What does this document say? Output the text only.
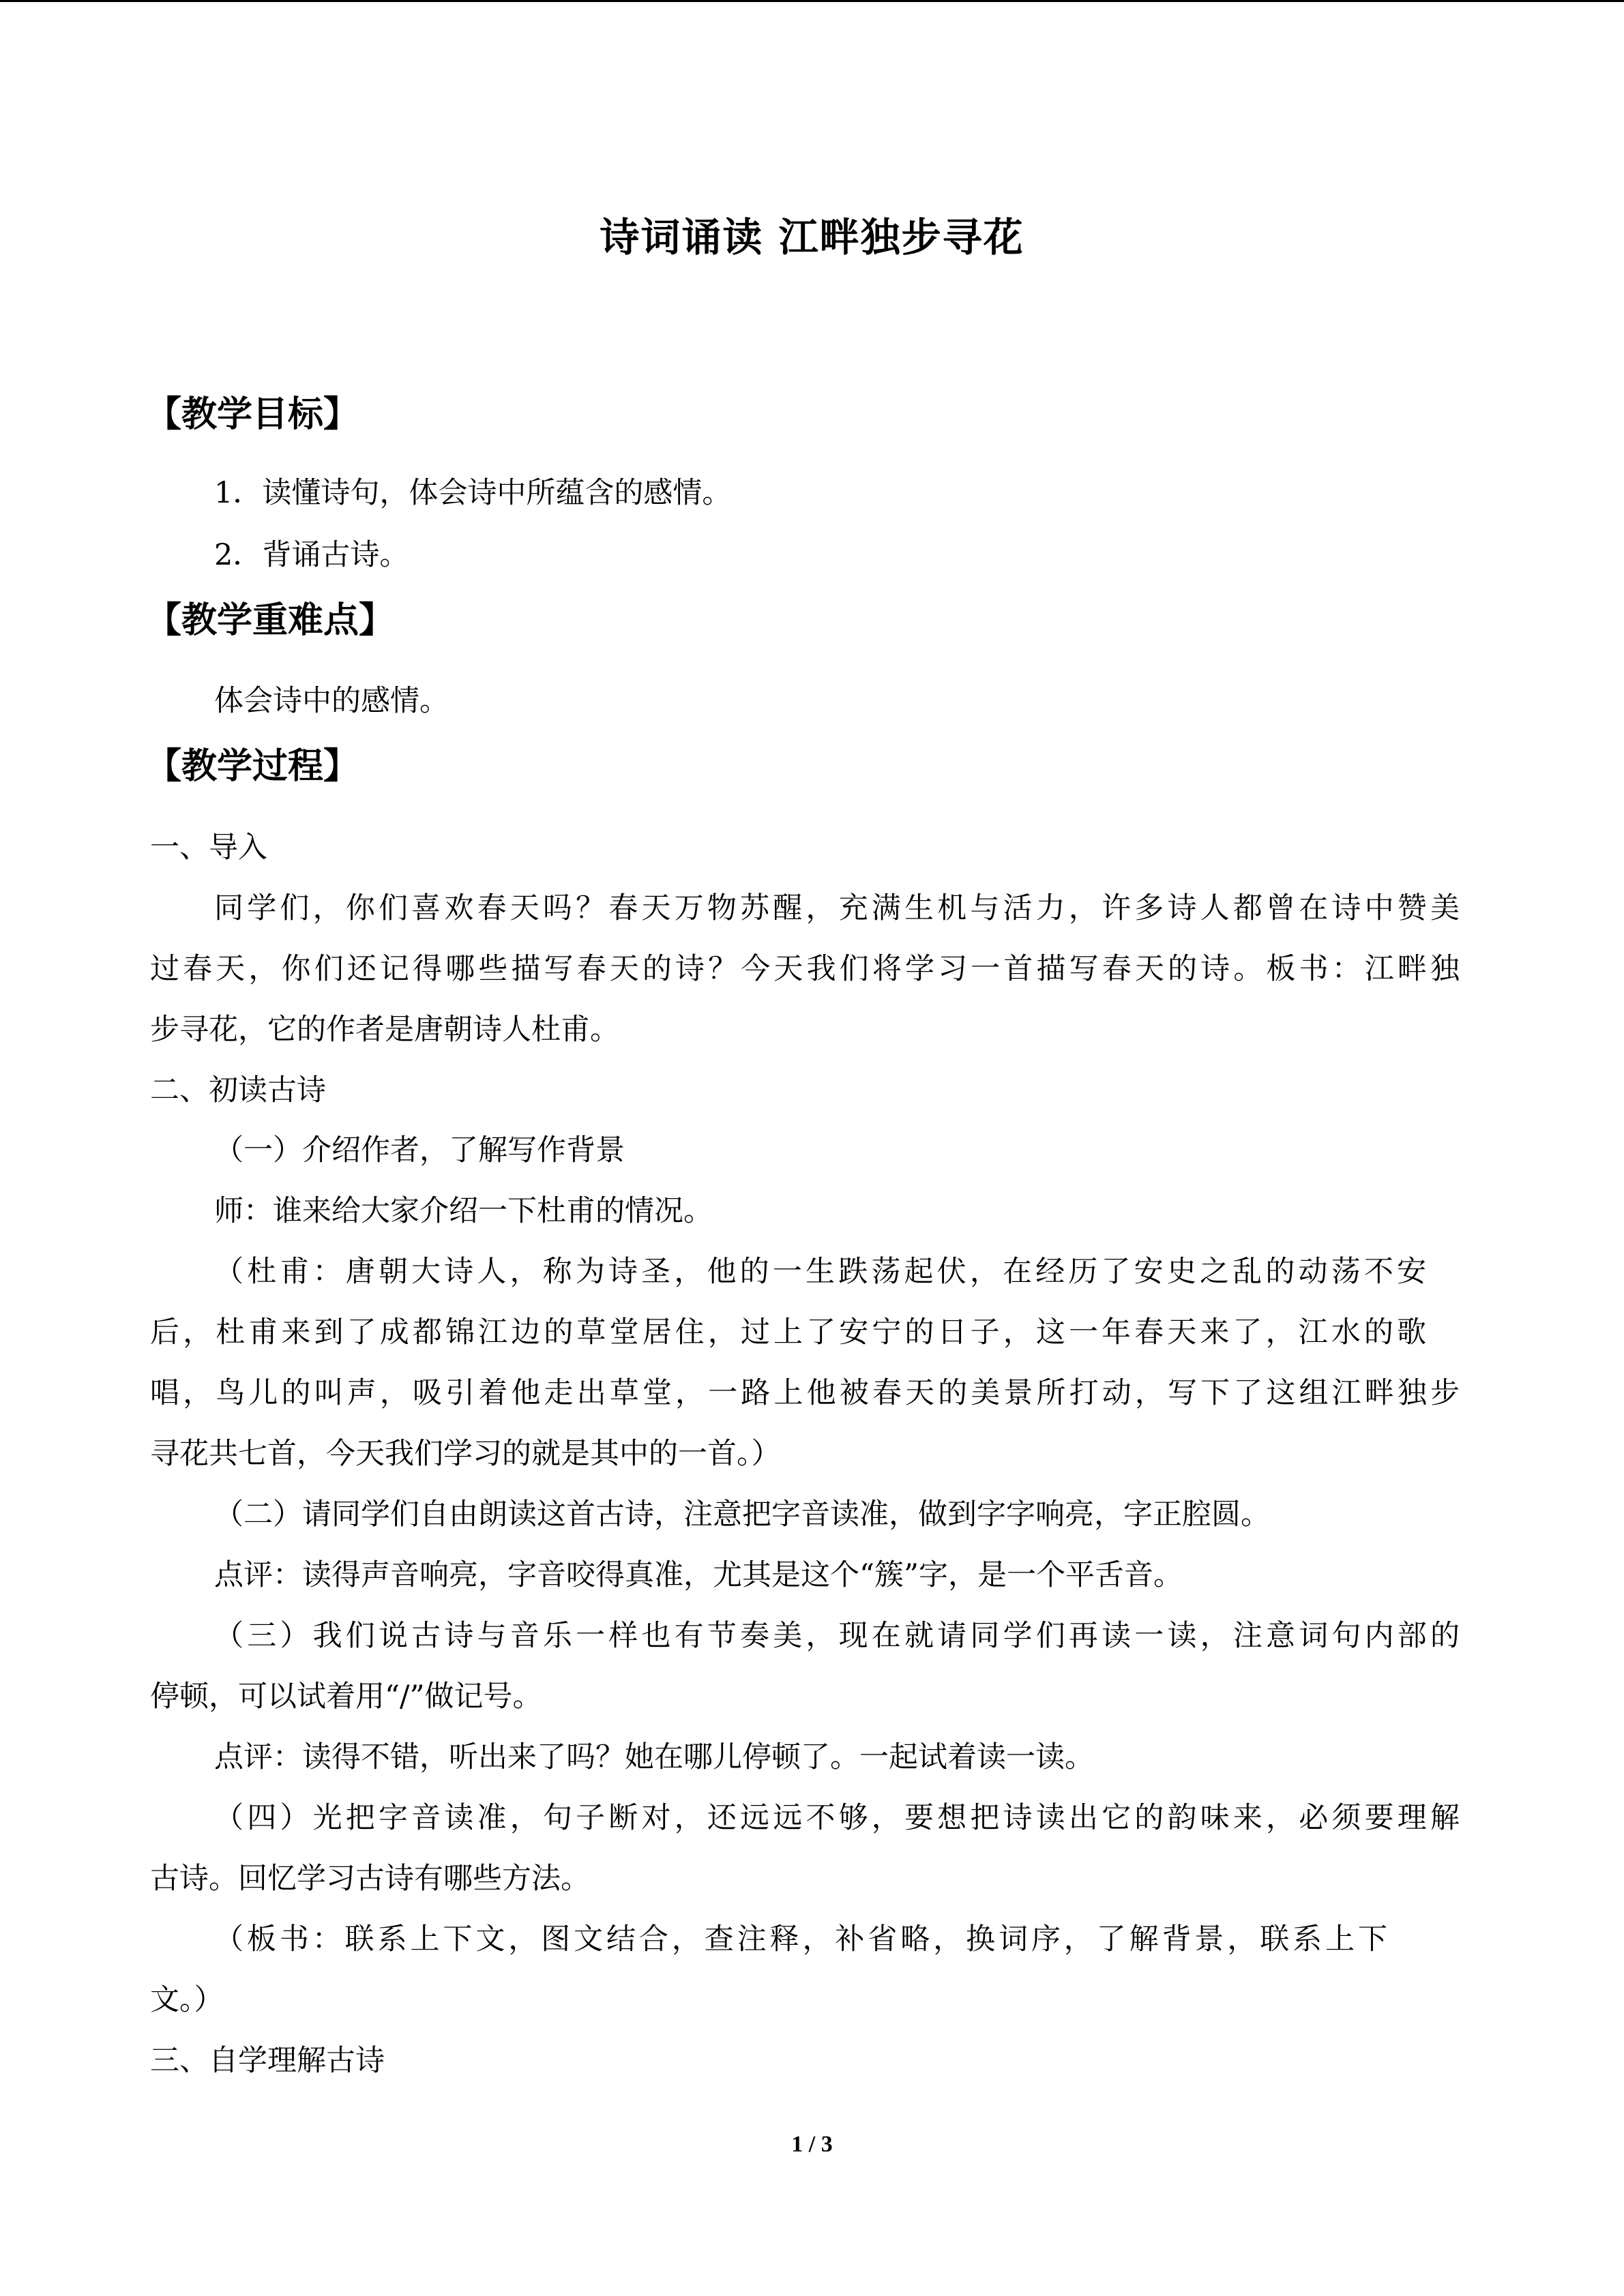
诗词诵读 江畔独步寻花
【教学目标】
1．读懂诗句，体会诗中所蕴含的感情。
2．背诵古诗。
【教学重难点】
体会诗中的感情。
【教学过程】
一、导入
同学们，你们喜欢春天吗？春天万物苏醒，充满生机与活力，许多诗人都曾在诗中赞美
过春天，你们还记得哪些描写春天的诗？今天我们将学习一首描写春天的诗。板书：江畔独
步寻花，它的作者是唐朝诗人杜甫。
二、初读古诗
（一）介绍作者，了解写作背景
师：谁来给大家介绍一下杜甫的情况。
（杜甫：唐朝大诗人，称为诗圣，他的一生跌荡起伏，在经历了安史之乱的动荡不安
后，杜甫来到了成都锦江边的草堂居住，过上了安宁的日子，这一年春天来了，江水的歌
唱，鸟儿的叫声，吸引着他走出草堂，一路上他被春天的美景所打动，写下了这组江畔独步
寻花共七首，今天我们学习的就是其中的一首。）
（二）请同学们自由朗读这首古诗，注意把字音读准，做到字字响亮，字正腔圆。
点评：读得声音响亮，字音咬得真准，尤其是这个“簇”字，是一个平舌音。
（三）我们说古诗与音乐一样也有节奏美，现在就请同学们再读一读，注意词句内部的
停顿，可以试着用“/”做记号。
点评：读得不错，听出来了吗？她在哪儿停顿了。一起试着读一读。
（四）光把字音读准，句子断对，还远远不够，要想把诗读出它的韵味来，必须要理解
古诗。回忆学习古诗有哪些方法。
（板书：联系上下文，图文结合，查注释，补省略，换词序，了解背景，联系上下
文。）
三、自学理解古诗
1 / 3
